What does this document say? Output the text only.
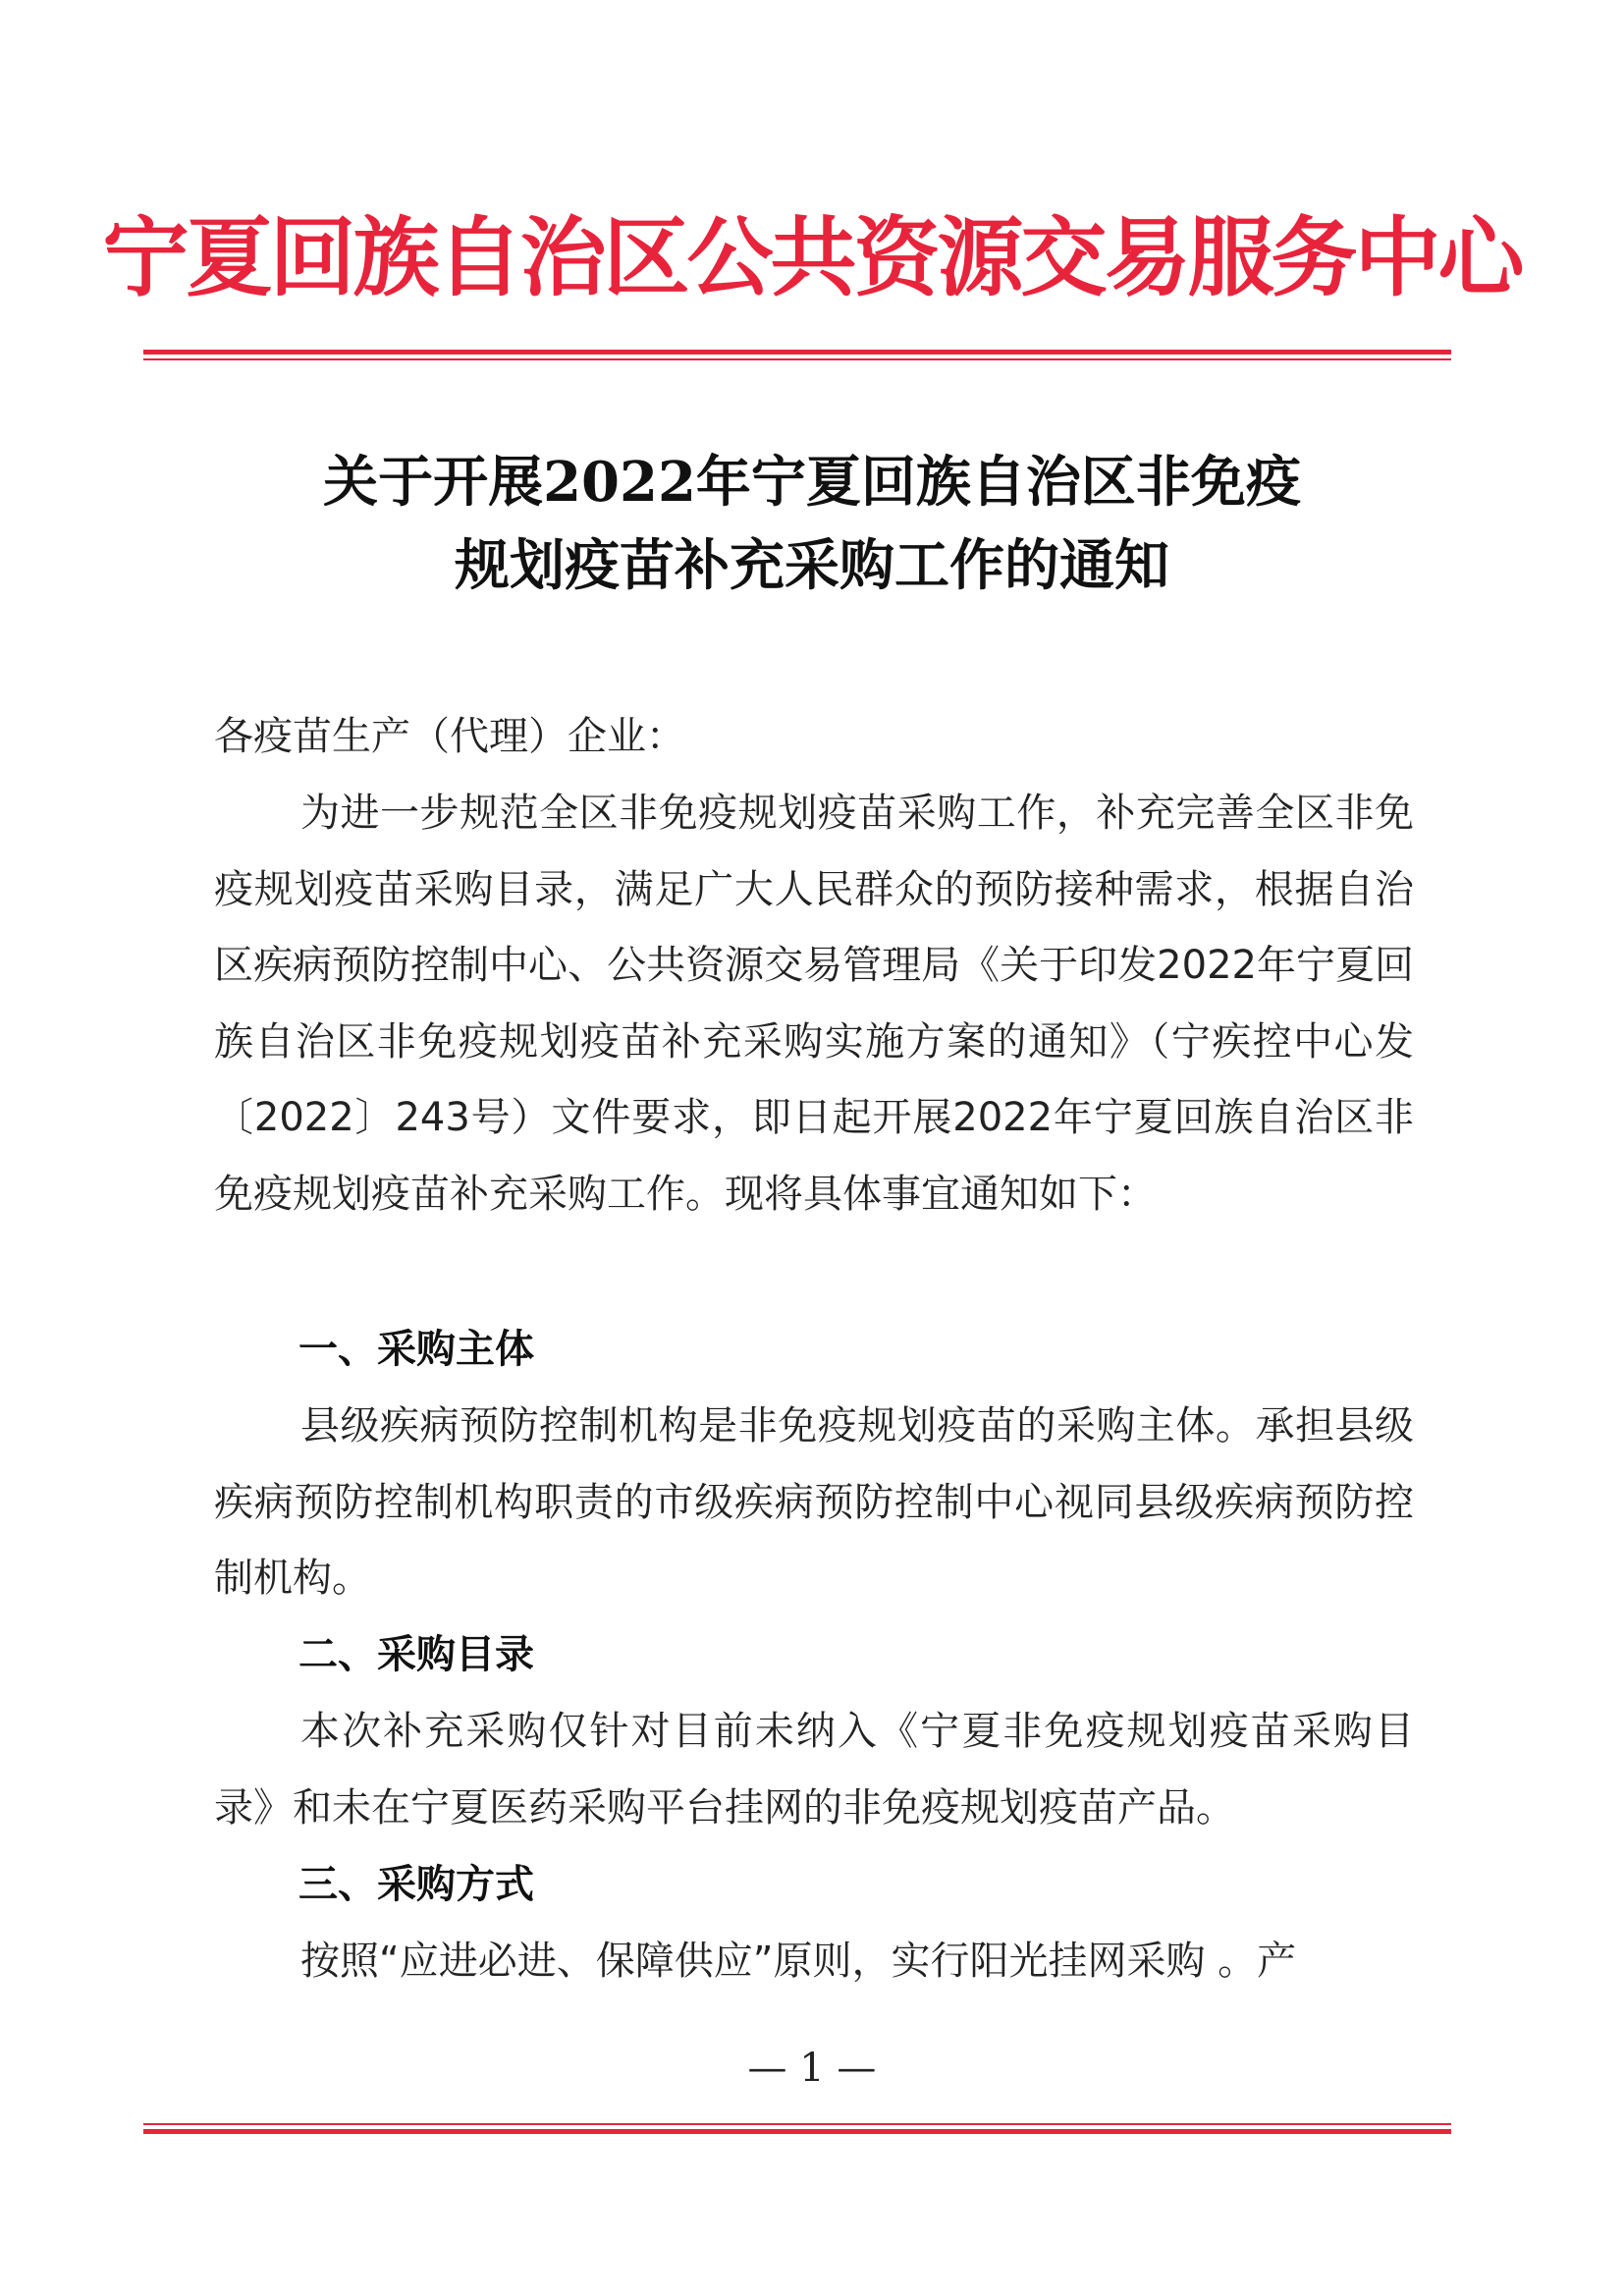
宁夏回族自治区公共资源交易服务中心
关于开展2022年宁夏回族自治区非免疫
规划疫苗补充采购工作的通知
各疫苗生产（代理）企业：
为进一步规范全区非免疫规划疫苗采购工作，补充完善全区非免疫规划疫苗采购目录，满足广大人民群众的预防接种需求，根据自治区疾病预防控制中心、公共资源交易管理局《关于印发2022年宁夏回族自治区非免疫规划疫苗补充采购实施方案的通知》（宁疾控中心发〔2022〕243号）文件要求，即日起开展2022年宁夏回族自治区非免疫规划疫苗补充采购工作。现将具体事宜通知如下：
一、采购主体
县级疾病预防控制机构是非免疫规划疫苗的采购主体。承担县级疾病预防控制机构职责的市级疾病预防控制中心视同县级疾病预防控制机构。
二、采购目录
本次补充采购仅针对目前未纳入《宁夏非免疫规划疫苗采购目录》和未在宁夏医药采购平台挂网的非免疫规划疫苗产品。
三、采购方式
按照“应进必进、保障供应”原则，实行阳光挂网采购 。产
— 1 —
